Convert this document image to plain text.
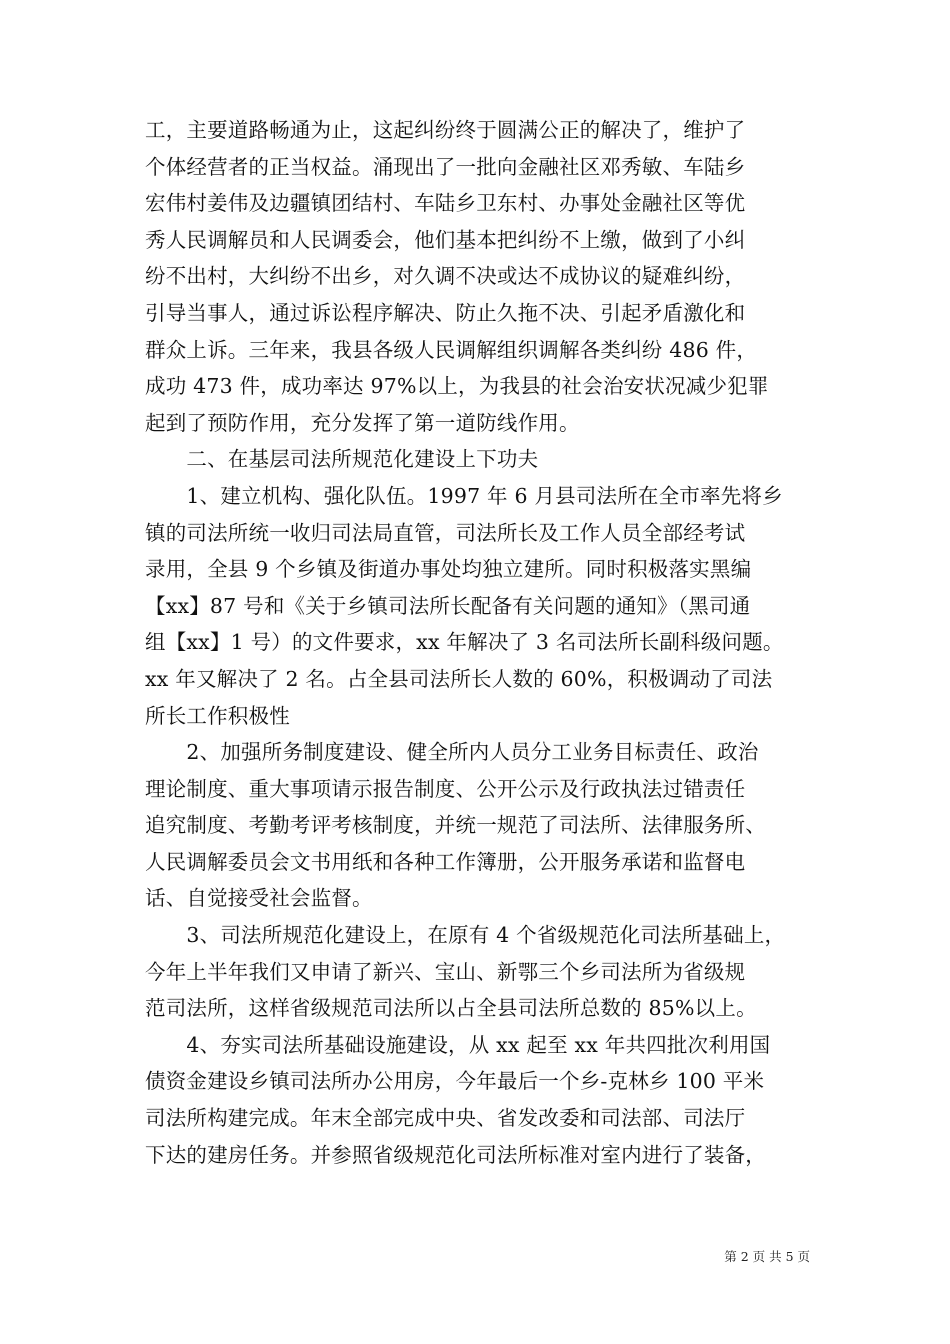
工，主要道路畅通为止，这起纠纷终于圆满公正的解决了，维护了
个体经营者的正当权益。涌现出了一批向金融社区邓秀敏、车陆乡
宏伟村姜伟及边疆镇团结村、车陆乡卫东村、办事处金融社区等优
秀人民调解员和人民调委会，他们基本把纠纷不上缴，做到了小纠
纷不出村，大纠纷不出乡，对久调不决或达不成协议的疑难纠纷，
引导当事人，通过诉讼程序解决、防止久拖不决、引起矛盾激化和
群众上诉。三年来，我县各级人民调解组织调解各类纠纷 486 件，
成功 473 件，成功率达 97%以上，为我县的社会治安状况减少犯罪
起到了预防作用，充分发挥了第一道防线作用。
　　二、在基层司法所规范化建设上下功夫
　　1、建立机构、强化队伍。1997 年 6 月县司法所在全市率先将乡
镇的司法所统一收归司法局直管，司法所长及工作人员全部经考试
录用，全县 9 个乡镇及街道办事处均独立建所。同时积极落实黑编
【xx】87 号和《关于乡镇司法所长配备有关问题的通知》（黑司通
组【xx】1 号）的文件要求，xx 年解决了 3 名司法所长副科级问题。
xx 年又解决了 2 名。占全县司法所长人数的 60%，积极调动了司法
所长工作积极性
　　2、加强所务制度建设、健全所内人员分工业务目标责任、政治
理论制度、重大事项请示报告制度、公开公示及行政执法过错责任
追究制度、考勤考评考核制度，并统一规范了司法所、法律服务所、
人民调解委员会文书用纸和各种工作簿册，公开服务承诺和监督电
话、自觉接受社会监督。
　　3、司法所规范化建设上，在原有 4 个省级规范化司法所基础上，
今年上半年我们又申请了新兴、宝山、新鄂三个乡司法所为省级规
范司法所，这样省级规范司法所以占全县司法所总数的 85%以上。
　　4、夯实司法所基础设施建设，从 xx 起至 xx 年共四批次利用国
债资金建设乡镇司法所办公用房，今年最后一个乡-克林乡 100 平米
司法所构建完成。年末全部完成中央、省发改委和司法部、司法厅
下达的建房任务。并参照省级规范化司法所标准对室内进行了装备，
第 2 页 共 5 页
